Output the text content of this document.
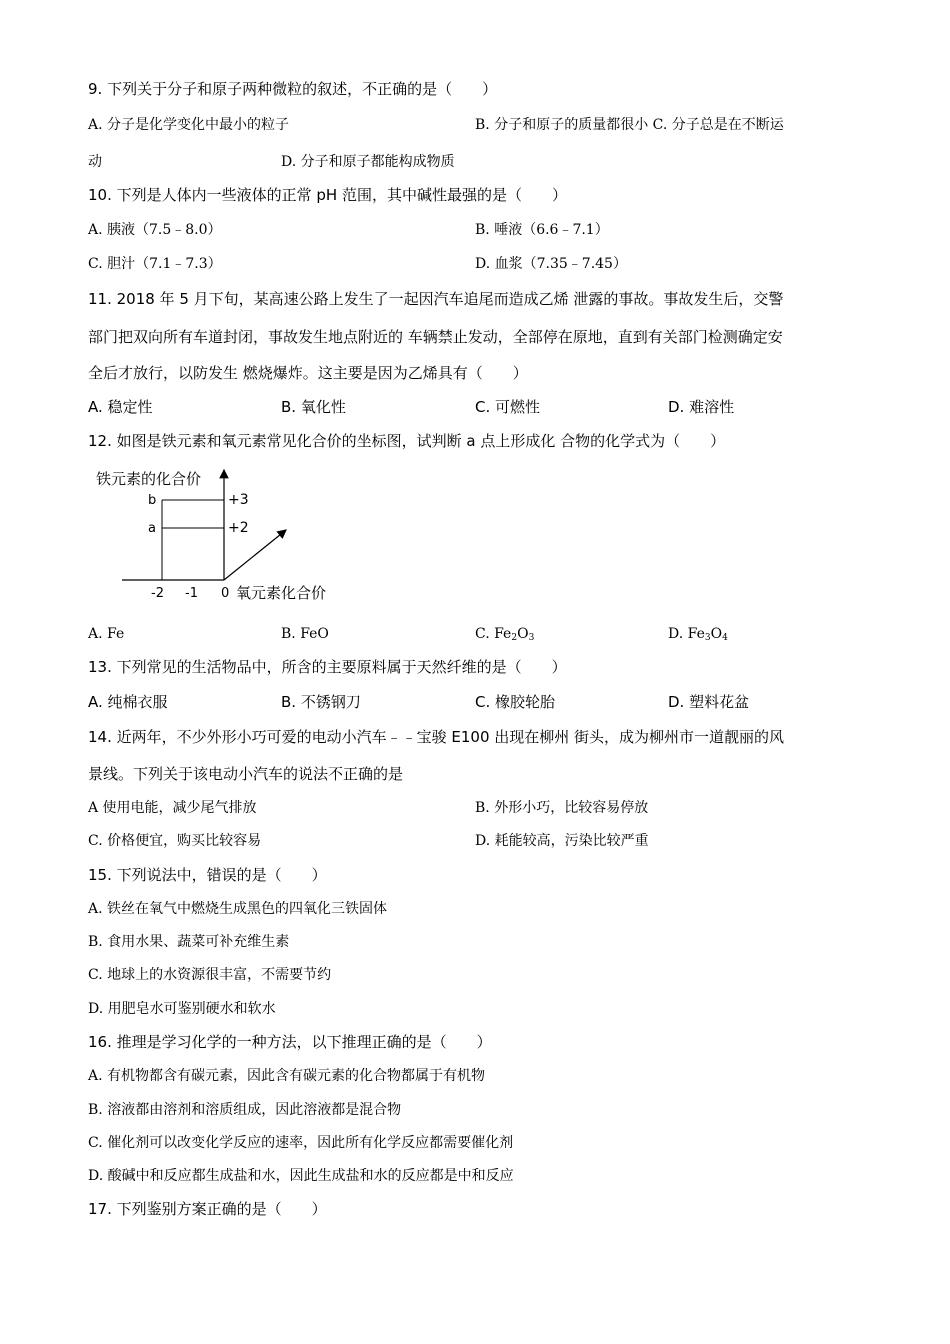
9. 下列关于分子和原子两种微粒的叙述，不正确的是（　　）
A. 分子是化学变化中最小的粒子	B. 分子和原子的质量都很小 C. 分子总是在不断运
动	D. 分子和原子都能构成物质
10. 下列是人体内一些液体的正常 pH 范围，其中碱性最强的是（　　）
A. 胰液（7.5﹣8.0）	B. 唾液（6.6﹣7.1）
C. 胆汁（7.1﹣7.3）	D. 血浆（7.35﹣7.45）
11. 2018 年 5 月下旬，某高速公路上发生了一起因汽车追尾而造成乙烯 泄露的事故。事故发生后，交警
部门把双向所有车道封闭，事故发生地点附近的 车辆禁止发动，全部停在原地，直到有关部门检测确定安
全后才放行，以防发生 燃烧爆炸。这主要是因为乙烯具有（　　）
A. 稳定性	B. 氧化性	C. 可燃性	D. 难溶性
12. 如图是铁元素和氧元素常见化合价的坐标图，试判断 a 点上形成化 合物的化学式为（　　）
铁元素的化合价
b
a
+3
+2
-2 -1 0 氧元素化合价
A. Fe	B. FeO	C. $Fe_2O_3$	D. $Fe_3O_4$
13. 下列常见的生活物品中，所含的主要原料属于天然纤维的是（　　）
A. 纯棉衣服	B. 不锈钢刀	C. 橡胶轮胎	D. 塑料花盆
14. 近两年，不少外形小巧可爱的电动小汽车﹣﹣宝骏 E100 出现在柳州 街头，成为柳州市一道靓丽的风
景线。下列关于该电动小汽车的说法不正确的是
A 使用电能，减少尾气排放	B. 外形小巧，比较容易停放
C. 价格便宜，购买比较容易	D. 耗能较高，污染比较严重
15. 下列说法中，错误的是（　　）
A. 铁丝在氧气中燃烧生成黑色的四氧化三铁固体
B. 食用水果、蔬菜可补充维生素
C. 地球上的水资源很丰富，不需要节约
D. 用肥皂水可鉴别硬水和软水
16. 推理是学习化学的一种方法，以下推理正确的是（　　）
A. 有机物都含有碳元素，因此含有碳元素的化合物都属于有机物
B. 溶液都由溶剂和溶质组成，因此溶液都是混合物
C. 催化剂可以改变化学反应的速率，因此所有化学反应都需要催化剂
D. 酸碱中和反应都生成盐和水，因此生成盐和水的反应都是中和反应
17. 下列鉴别方案正确的是（　　）
